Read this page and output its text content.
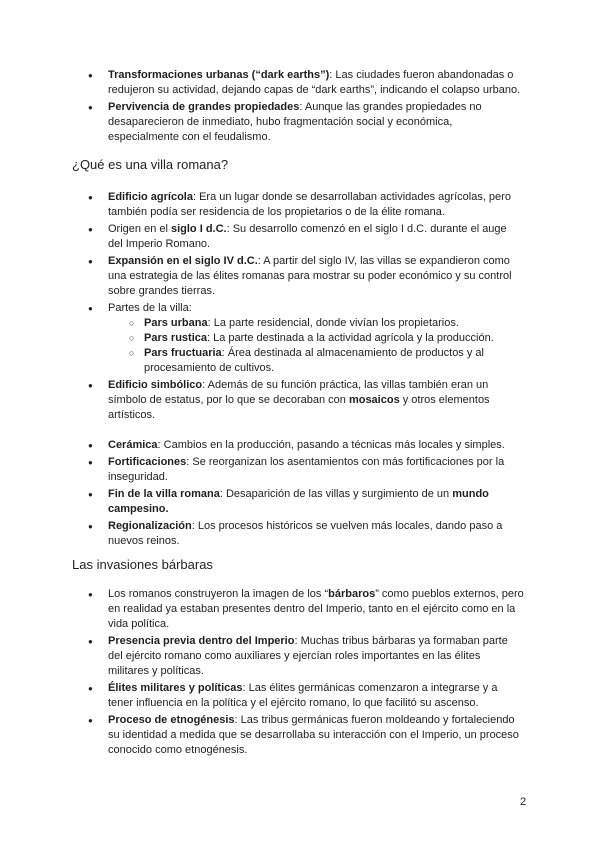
● Transformaciones urbanas (“dark earths”): Las ciudades fueron abandonadas o redujeron su actividad, dejando capas de “dark earths”, indicando el colapso urbano.
● Pervivencia de grandes propiedades: Aunque las grandes propiedades no desaparecieron de inmediato, hubo fragmentación social y económica, especialmente con el feudalismo.
¿Qué es una villa romana?
● Edificio agrícola: Era un lugar donde se desarrollaban actividades agrícolas, pero también podía ser residencia de los propietarios o de la élite romana.
● Origen en el siglo I d.C.: Su desarrollo comenzó en el siglo I d.C. durante el auge del Imperio Romano.
● Expansión en el siglo IV d.C.: A partir del siglo IV, las villas se expandieron como una estrategia de las élites romanas para mostrar su poder económico y su control sobre grandes tierras.
● Partes de la villa:
○ Pars urbana: La parte residencial, donde vivían los propietarios.
○ Pars rustica: La parte destinada a la actividad agrícola y la producción.
○ Pars fructuaria: Área destinada al almacenamiento de productos y al procesamiento de cultivos.
● Edificio simbólico: Además de su función práctica, las villas también eran un símbolo de estatus, por lo que se decoraban con mosaicos y otros elementos artísticos.
● Cerámica: Cambios en la producción, pasando a técnicas más locales y simples.
● Fortificaciones: Se reorganizan los asentamientos con más fortificaciones por la inseguridad.
● Fin de la villa romana: Desaparición de las villas y surgimiento de un mundo campesino.
● Regionalización: Los procesos históricos se vuelven más locales, dando paso a nuevos reinos.
Las invasiones bárbaras
● Los romanos construyeron la imagen de los “bárbaros” como pueblos externos, pero en realidad ya estaban presentes dentro del Imperio, tanto en el ejército como en la vida política.
● Presencia previa dentro del Imperio: Muchas tribus bárbaras ya formaban parte del ejército romano como auxiliares y ejercían roles importantes en las élites militares y políticas.
● Élites militares y políticas: Las élites germánicas comenzaron a integrarse y a tener influencia en la política y el ejército romano, lo que facilitó su ascenso.
● Proceso de etnogénesis: Las tribus germánicas fueron moldeando y fortaleciendo su identidad a medida que se desarrollaba su interacción con el Imperio, un proceso conocido como etnogénesis.
2
